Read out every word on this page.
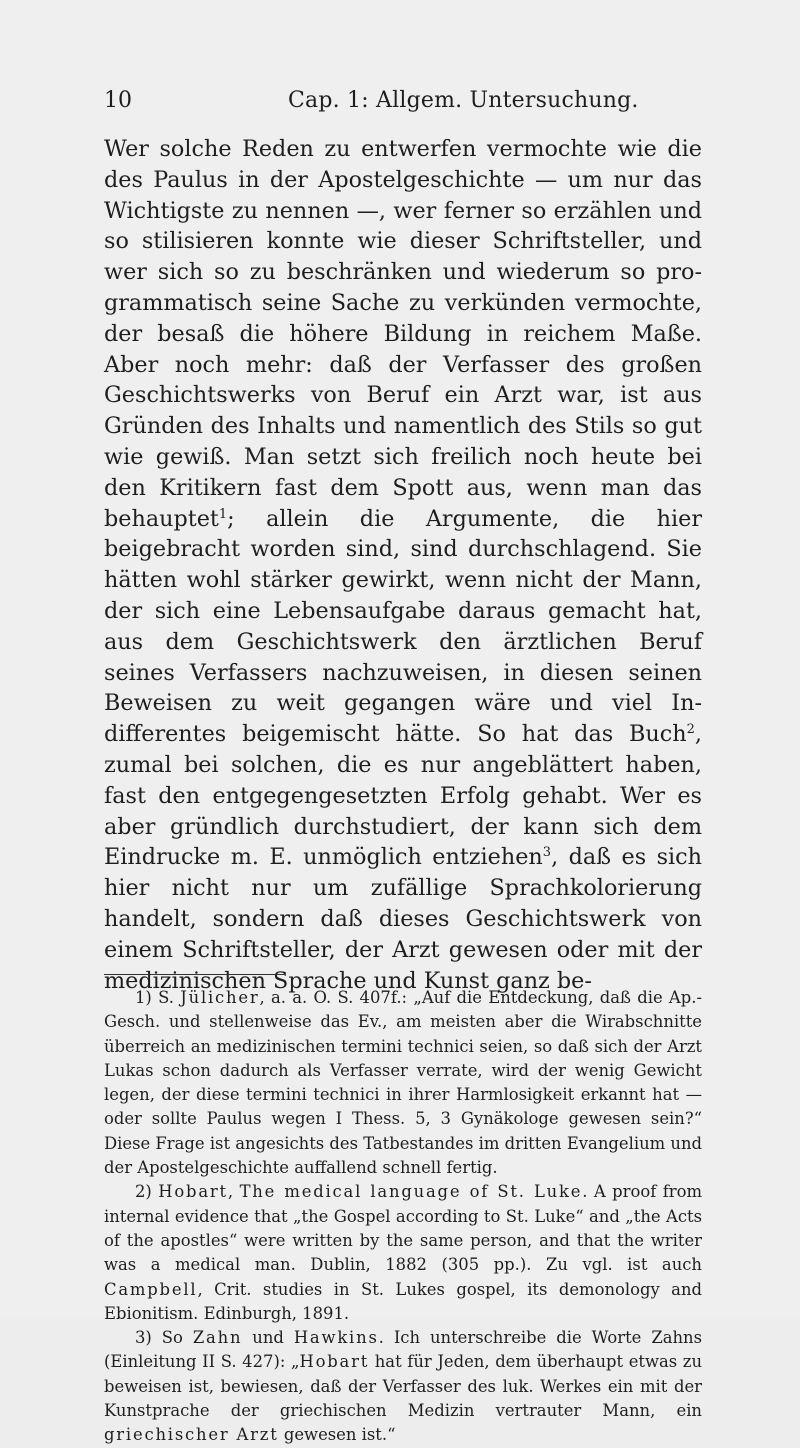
10	Cap. 1: Allgem. Untersuchung.

Wer solche Reden zu entwerfen vermochte wie die des Paulus in der Apostelgeschichte — um nur das Wichtigste zu nennen —, wer ferner so erzählen und so stilisieren konnte wie dieser Schriftsteller, und wer sich so zu beschränken und wiederum so programmatisch seine Sache zu verkünden vermochte, der besaß die höhere Bildung in reichem Maße. Aber noch mehr: daß der Verfasser des großen Geschichtswerks von Beruf ein Arzt war, ist aus Gründen des Inhalts und namentlich des Stils so gut wie gewiß. Man setzt sich freilich noch heute bei den Kritikern fast dem Spott aus, wenn man das behauptet$^1$; allein die Argumente, die hier beigebracht worden sind, sind durchschlagend. Sie hätten wohl stärker gewirkt, wenn nicht der Mann, der sich eine Lebensaufgabe daraus gemacht hat, aus dem Geschichtswerk den ärztlichen Beruf seines Verfassers nachzuweisen, in diesen seinen Beweisen zu weit gegangen wäre und viel Indifferentes beigemischt hätte. So hat das Buch$^2$, zumal bei solchen, die es nur angeblättert haben, fast den entgegengesetzten Erfolg gehabt. Wer es aber gründlich durchstudiert, der kann sich dem Eindrucke m. E. unmöglich entziehen$^3$, daß es sich hier nicht nur um zufällige Sprachkolorierung handelt, sondern daß dieses Geschichtswerk von einem Schriftsteller, der Arzt gewesen oder mit der medizinischen Sprache und Kunst ganz be-

1) S. Jülicher, a. a. O. S. 407f.: „Auf die Entdeckung, daß die Ap.-Gesch. und stellenweise das Ev., am meisten aber die Wirabschnitte überreich an medizinischen termini technici seien, so daß sich der Arzt Lukas schon dadurch als Verfasser verrate, wird der wenig Gewicht legen, der diese termini technici in ihrer Harmlosigkeit erkannt hat — oder sollte Paulus wegen I Thess. 5, 3 Gynäkologe gewesen sein?“ Diese Frage ist angesichts des Tatbestandes im dritten Evangelium und der Apostelgeschichte auffallend schnell fertig.

2) Hobart, The medical language of St. Luke. A proof from internal evidence that „the Gospel according to St. Luke“ and „the Acts of the apostles“ were written by the same person, and that the writer was a medical man. Dublin, 1882 (305 pp.). Zu vgl. ist auch Campbell, Crit. studies in St. Lukes gospel, its demonology and Ebionitism. Edinburgh, 1891.

3) So Zahn und Hawkins. Ich unterschreibe die Worte Zahns (Einleitung II S. 427): „Hobart hat für Jeden, dem überhaupt etwas zu beweisen ist, bewiesen, daß der Verfasser des luk. Werkes ein mit der Kunstprache der griechischen Medizin vertrauter Mann, ein griechischer Arzt gewesen ist.“
